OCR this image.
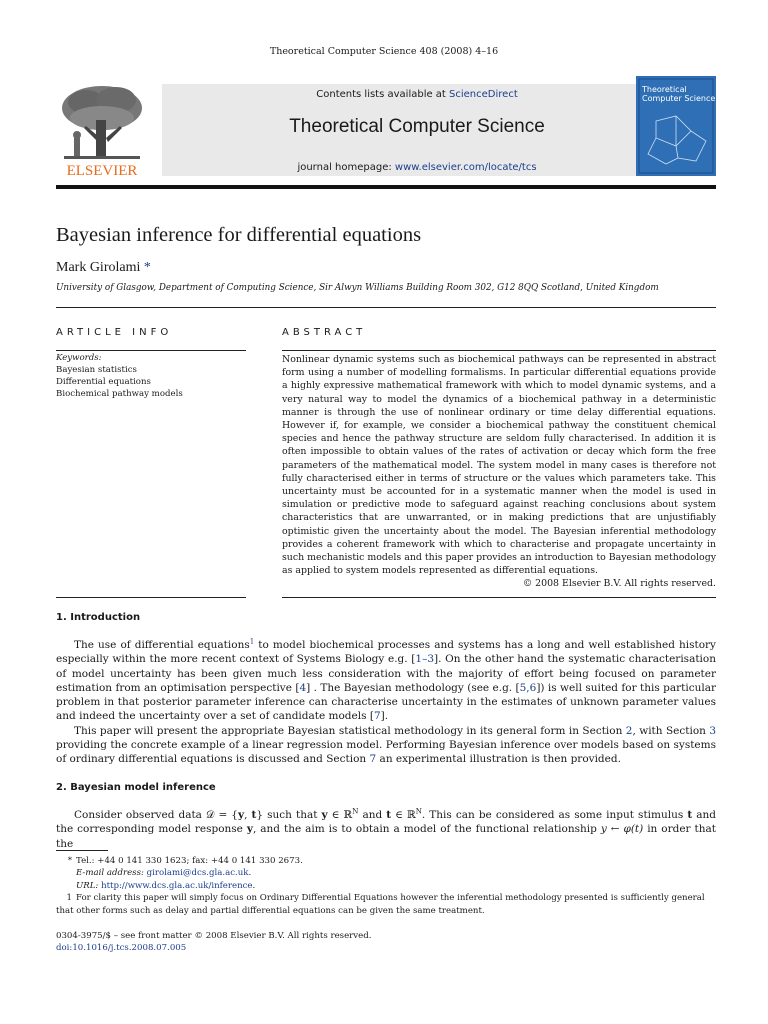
Theoretical Computer Science 408 (2008) 4–16
ELSEVIER
Contents lists available at ScienceDirect
Theoretical Computer Science
journal homepage: www.elsevier.com/locate/tcs
Theoretical
Computer Science
Bayesian inference for differential equations
Mark Girolami *
University of Glasgow, Department of Computing Science, Sir Alwyn Williams Building Room 302, G12 8QQ Scotland, United Kingdom
ARTICLE INFO	ABSTRACT
Keywords:
Bayesian statistics
Differential equations
Biochemical pathway models
Nonlinear dynamic systems such as biochemical pathways can be represented in abstract form using a number of modelling formalisms. In particular differential equations provide a highly expressive mathematical framework with which to model dynamic systems, and a very natural way to model the dynamics of a biochemical pathway in a deterministic manner is through the use of nonlinear ordinary or time delay differential equations. However if, for example, we consider a biochemical pathway the constituent chemical species and hence the pathway structure are seldom fully characterised. In addition it is often impossible to obtain values of the rates of activation or decay which form the free parameters of the mathematical model. The system model in many cases is therefore not fully characterised either in terms of structure or the values which parameters take. This uncertainty must be accounted for in a systematic manner when the model is used in simulation or predictive mode to safeguard against reaching conclusions about system characteristics that are unwarranted, or in making predictions that are unjustifiably optimistic given the uncertainty about the model. The Bayesian inferential methodology provides a coherent framework with which to characterise and propagate uncertainty in such mechanistic models and this paper provides an introduction to Bayesian methodology as applied to system models represented as differential equations.
© 2008 Elsevier B.V. All rights reserved.
1. Introduction

The use of differential equations$^1$ to model biochemical processes and systems has a long and well established history especially within the more recent context of Systems Biology e.g. [1–3]. On the other hand the systematic characterisation of model uncertainty has been given much less consideration with the majority of effort being focused on parameter estimation from an optimisation perspective [4] . The Bayesian methodology (see e.g. [5,6]) is well suited for this particular problem in that posterior parameter inference can characterise uncertainty in the estimates of unknown parameter values and indeed the uncertainty over a set of candidate models [7].

This paper will present the appropriate Bayesian statistical methodology in its general form in Section 2, with Section 3 providing the concrete example of a linear regression model. Performing Bayesian inference over models based on systems of ordinary differential equations is discussed and Section 7 an experimental illustration is then provided.

2. Bayesian model inference

Consider observed data 𝒟 = {y, t} such that y ∈ ℝ$^N$ and t ∈ ℝ$^N$. This can be considered as some input stimulus t and the corresponding model response y, and the aim is to obtain a model of the functional relationship y ← φ(t) in order that the

* Tel.: +44 0 141 330 1623; fax: +44 0 141 330 2673.
E-mail address: girolami@dcs.gla.ac.uk.
URL: http://www.dcs.gla.ac.uk/inference.
1 For clarity this paper will simply focus on Ordinary Differential Equations however the inferential methodology presented is sufficiently general that other forms such as delay and partial differential equations can be given the same treatment.
0304-3975/$ – see front matter © 2008 Elsevier B.V. All rights reserved.
doi:10.1016/j.tcs.2008.07.005
